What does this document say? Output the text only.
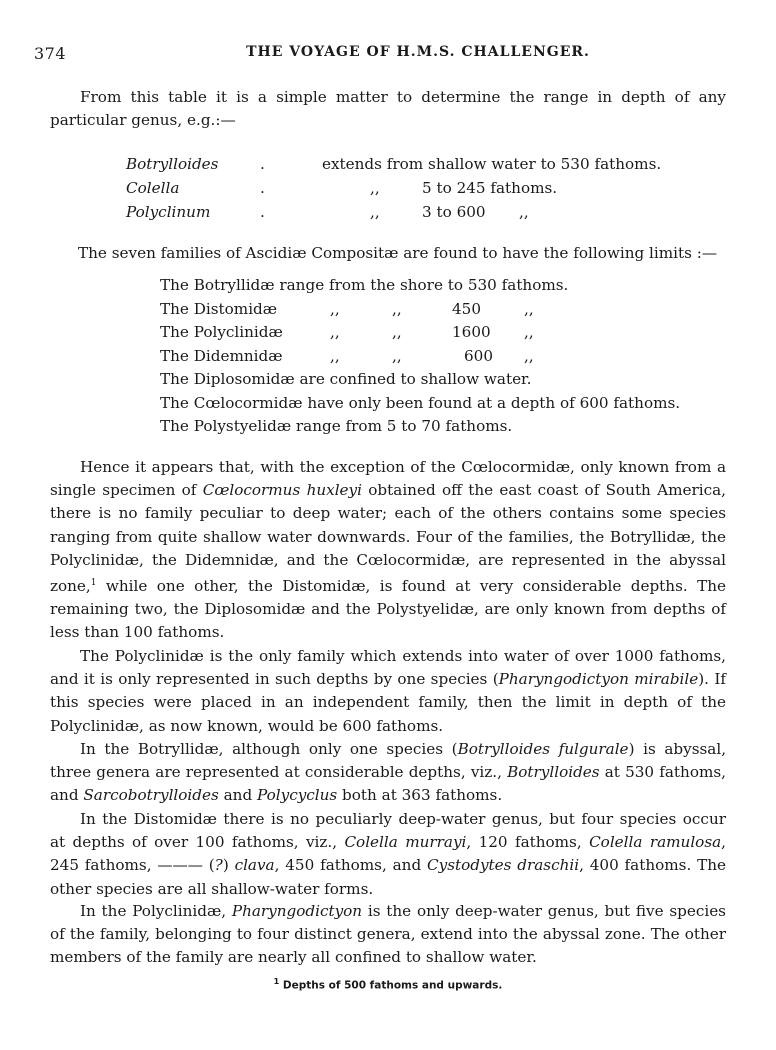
374	THE VOYAGE OF H.M.S. CHALLENGER.

From this table it is a simple matter to determine the range in depth of any particular genus, e.g.:—

Botrylloides	.	extends from shallow water to 530 fathoms.
Colella	.	,,	5 to 245 fathoms.
Polyclinum	.	,,	3 to 600 ,,

The seven families of Ascidiæ Compositæ are found to have the following limits :—

The Botryllidæ range from the shore to 530 fathoms.
The Distomidæ	,,	,,	450	,,
The Polyclinidæ	,,	,,	1600 ,,
The Didemnidæ	,,	,,	600 ,,
The Diplosomidæ are confined to shallow water.
The Cœlocormidæ have only been found at a depth of 600 fathoms.
The Polystyelidæ range from 5 to 70 fathoms.

Hence it appears that, with the exception of the Cœlocormidæ, only known from a single specimen of Cœlocormus huxleyi obtained off the east coast of South America, there is no family peculiar to deep water; each of the others contains some species ranging from quite shallow water downwards. Four of the families, the Botryllidæ, the Polyclinidæ, the Didemnidæ, and the Cœlocormidæ, are represented in the abyssal zone,$^1$ while one other, the Distomidæ, is found at very considerable depths. The remaining two, the Diplosomidæ and the Polystyelidæ, are only known from depths of less than 100 fathoms.

The Polyclinidæ is the only family which extends into water of over 1000 fathoms, and it is only represented in such depths by one species (Pharyngodictyon mirabile). If this species were placed in an independent family, then the limit in depth of the Polyclinidæ, as now known, would be 600 fathoms.

In the Botryllidæ, although only one species (Botrylloides fulgurale) is abyssal, three genera are represented at considerable depths, viz., Botrylloides at 530 fathoms, and Sarcobotrylloides and Polycyclus both at 363 fathoms.

In the Distomidæ there is no peculiarly deep-water genus, but four species occur at depths of over 100 fathoms, viz., Colella murrayi, 120 fathoms, Colella ramulosa, 245 fathoms, ——— (?) clava, 450 fathoms, and Cystodytes draschii, 400 fathoms. The other species are all shallow-water forms.

In the Polyclinidæ, Pharyngodictyon is the only deep-water genus, but five species of the family, belonging to four distinct genera, extend into the abyssal zone. The other members of the family are nearly all confined to shallow water.

$^1$ Depths of 500 fathoms and upwards.
